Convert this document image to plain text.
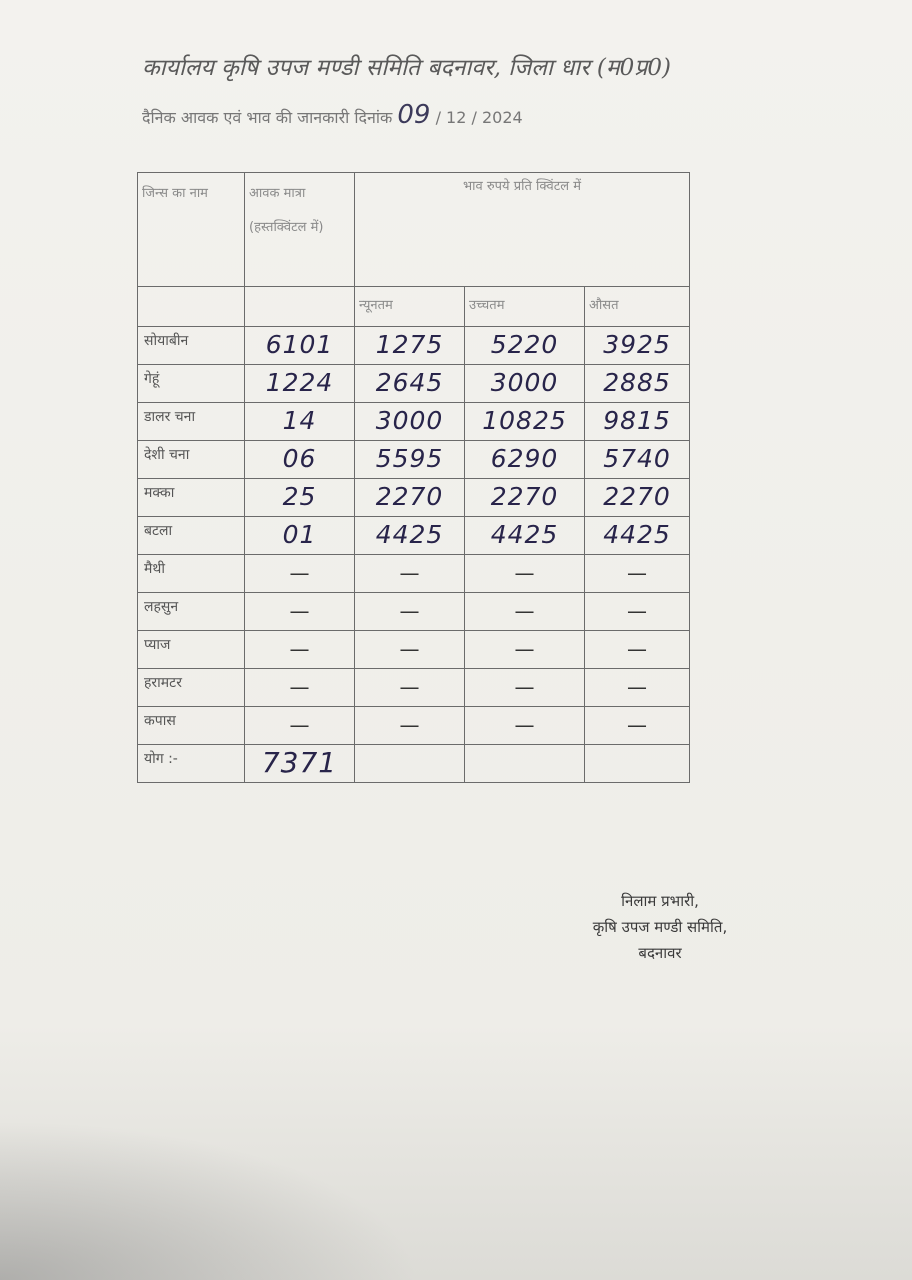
कार्यालय कृषि उपज मण्डी समिति बदनावर, जिला धार (म0प्र0)
दैनिक आवक एवं भाव की जानकारी दिनांक 09 / 12 / 2024
जिन्स का नाम	आवक मात्रा (हस्तक्विंटल में)	भाव रुपये प्रति क्विंटल में		

		न्यूनतम	उच्चतम	औसत

सोयाबीन	6101	1275	5220	3925

गेहूं	1224	2645	3000	2885

डालर चना	14	3000	10825	9815

देशी चना	06	5595	6290	5740

मक्का	25	2270	2270	2270

बटला	01	4425	4425	4425

मैथी	—	—	—	—

लहसुन	—	—	—	—

प्याज	—	—	—	—

हरामटर	—	—	—	—

कपास	—	—	—	—

योग :-	7371			

निलाम प्रभारी,
कृषि उपज मण्डी समिति,
बदनावर
